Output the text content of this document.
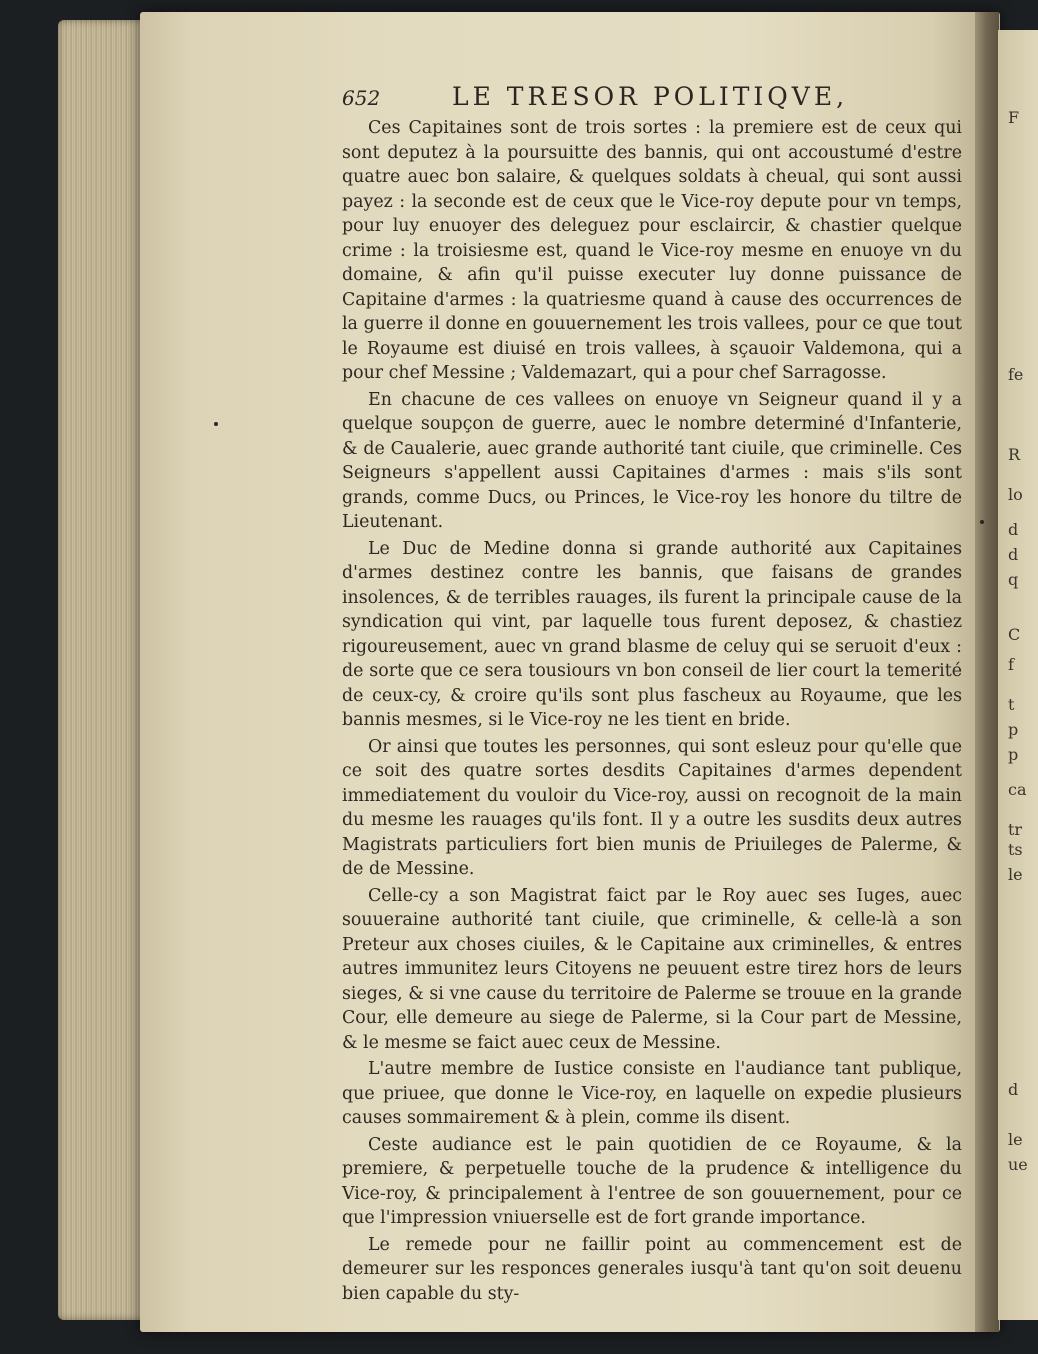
F
fe
R
lo
d
d
q
C
f
t
p
p
ca
tr
ts
le
d
le
ue
652	LE TRESOR POLITIQVE,

Ces Capitaines sont de trois sortes : la premiere est de ceux qui sont deputez à la poursuitte des bannis, qui ont accoustumé d'estre quatre auec bon salaire, & quelques soldats à cheual, qui sont aussi payez : la seconde est de ceux que le Vice-roy depute pour vn temps, pour luy enuoyer des deleguez pour esclaircir, & chastier quelque crime : la troisiesme est, quand le Vice-roy mesme en enuoye vn du domaine, & afin qu'il puisse executer luy donne puissance de Capitaine d'armes : la quatriesme quand à cause des occurrences de la guerre il donne en gouuernement les trois vallees, pour ce que tout le Royaume est diuisé en trois vallees, à sçauoir Valdemona, qui a pour chef Messine ; Valdemazart, qui a pour chef Sarragosse.

En chacune de ces vallees on enuoye vn Seigneur quand il y a quelque soupçon de guerre, auec le nombre determiné d'Infanterie, & de Caualerie, auec grande authorité tant ciuile, que criminelle. Ces Seigneurs s'appellent aussi Capitaines d'armes : mais s'ils sont grands, comme Ducs, ou Princes, le Vice-roy les honore du tiltre de Lieutenant.

Le Duc de Medine donna si grande authorité aux Capitaines d'armes destinez contre les bannis, que faisans de grandes insolences, & de terribles rauages, ils furent la principale cause de la syndication qui vint, par laquelle tous furent deposez, & chastiez rigoureusement, auec vn grand blasme de celuy qui se seruoit d'eux : de sorte que ce sera tousiours vn bon conseil de lier court la temerité de ceux-cy, & croire qu'ils sont plus fascheux au Royaume, que les bannis mesmes, si le Vice-roy ne les tient en bride.

Or ainsi que toutes les personnes, qui sont esleuz pour qu'elle que ce soit des quatre sortes desdits Capitaines d'armes dependent immediatement du vouloir du Vice-roy, aussi on recognoit de la main du mesme les rauages qu'ils font. Il y a outre les susdits deux autres Magistrats particuliers fort bien munis de Priuileges de Palerme, & de de Messine.

Celle-cy a son Magistrat faict par le Roy auec ses Iuges, auec souueraine authorité tant ciuile, que criminelle, & celle-là a son Preteur aux choses ciuiles, & le Capitaine aux criminelles, & entres autres immunitez leurs Citoyens ne peuuent estre tirez hors de leurs sieges, & si vne cause du territoire de Palerme se trouue en la grande Cour, elle demeure au siege de Palerme, si la Cour part de Messine, & le mesme se faict auec ceux de Messine.

L'autre membre de Iustice consiste en l'audiance tant publique, que priuee, que donne le Vice-roy, en laquelle on expedie plusieurs causes sommairement & à plein, comme ils disent.

Ceste audiance est le pain quotidien de ce Royaume, & la premiere, & perpetuelle touche de la prudence & intelligence du Vice-roy, & principalement à l'entree de son gouuernement, pour ce que l'impression vniuerselle est de fort grande importance.

Le remede pour ne faillir point au commencement est de demeurer sur les responces generales iusqu'à tant qu'on soit deuenu bien capable du sty-
